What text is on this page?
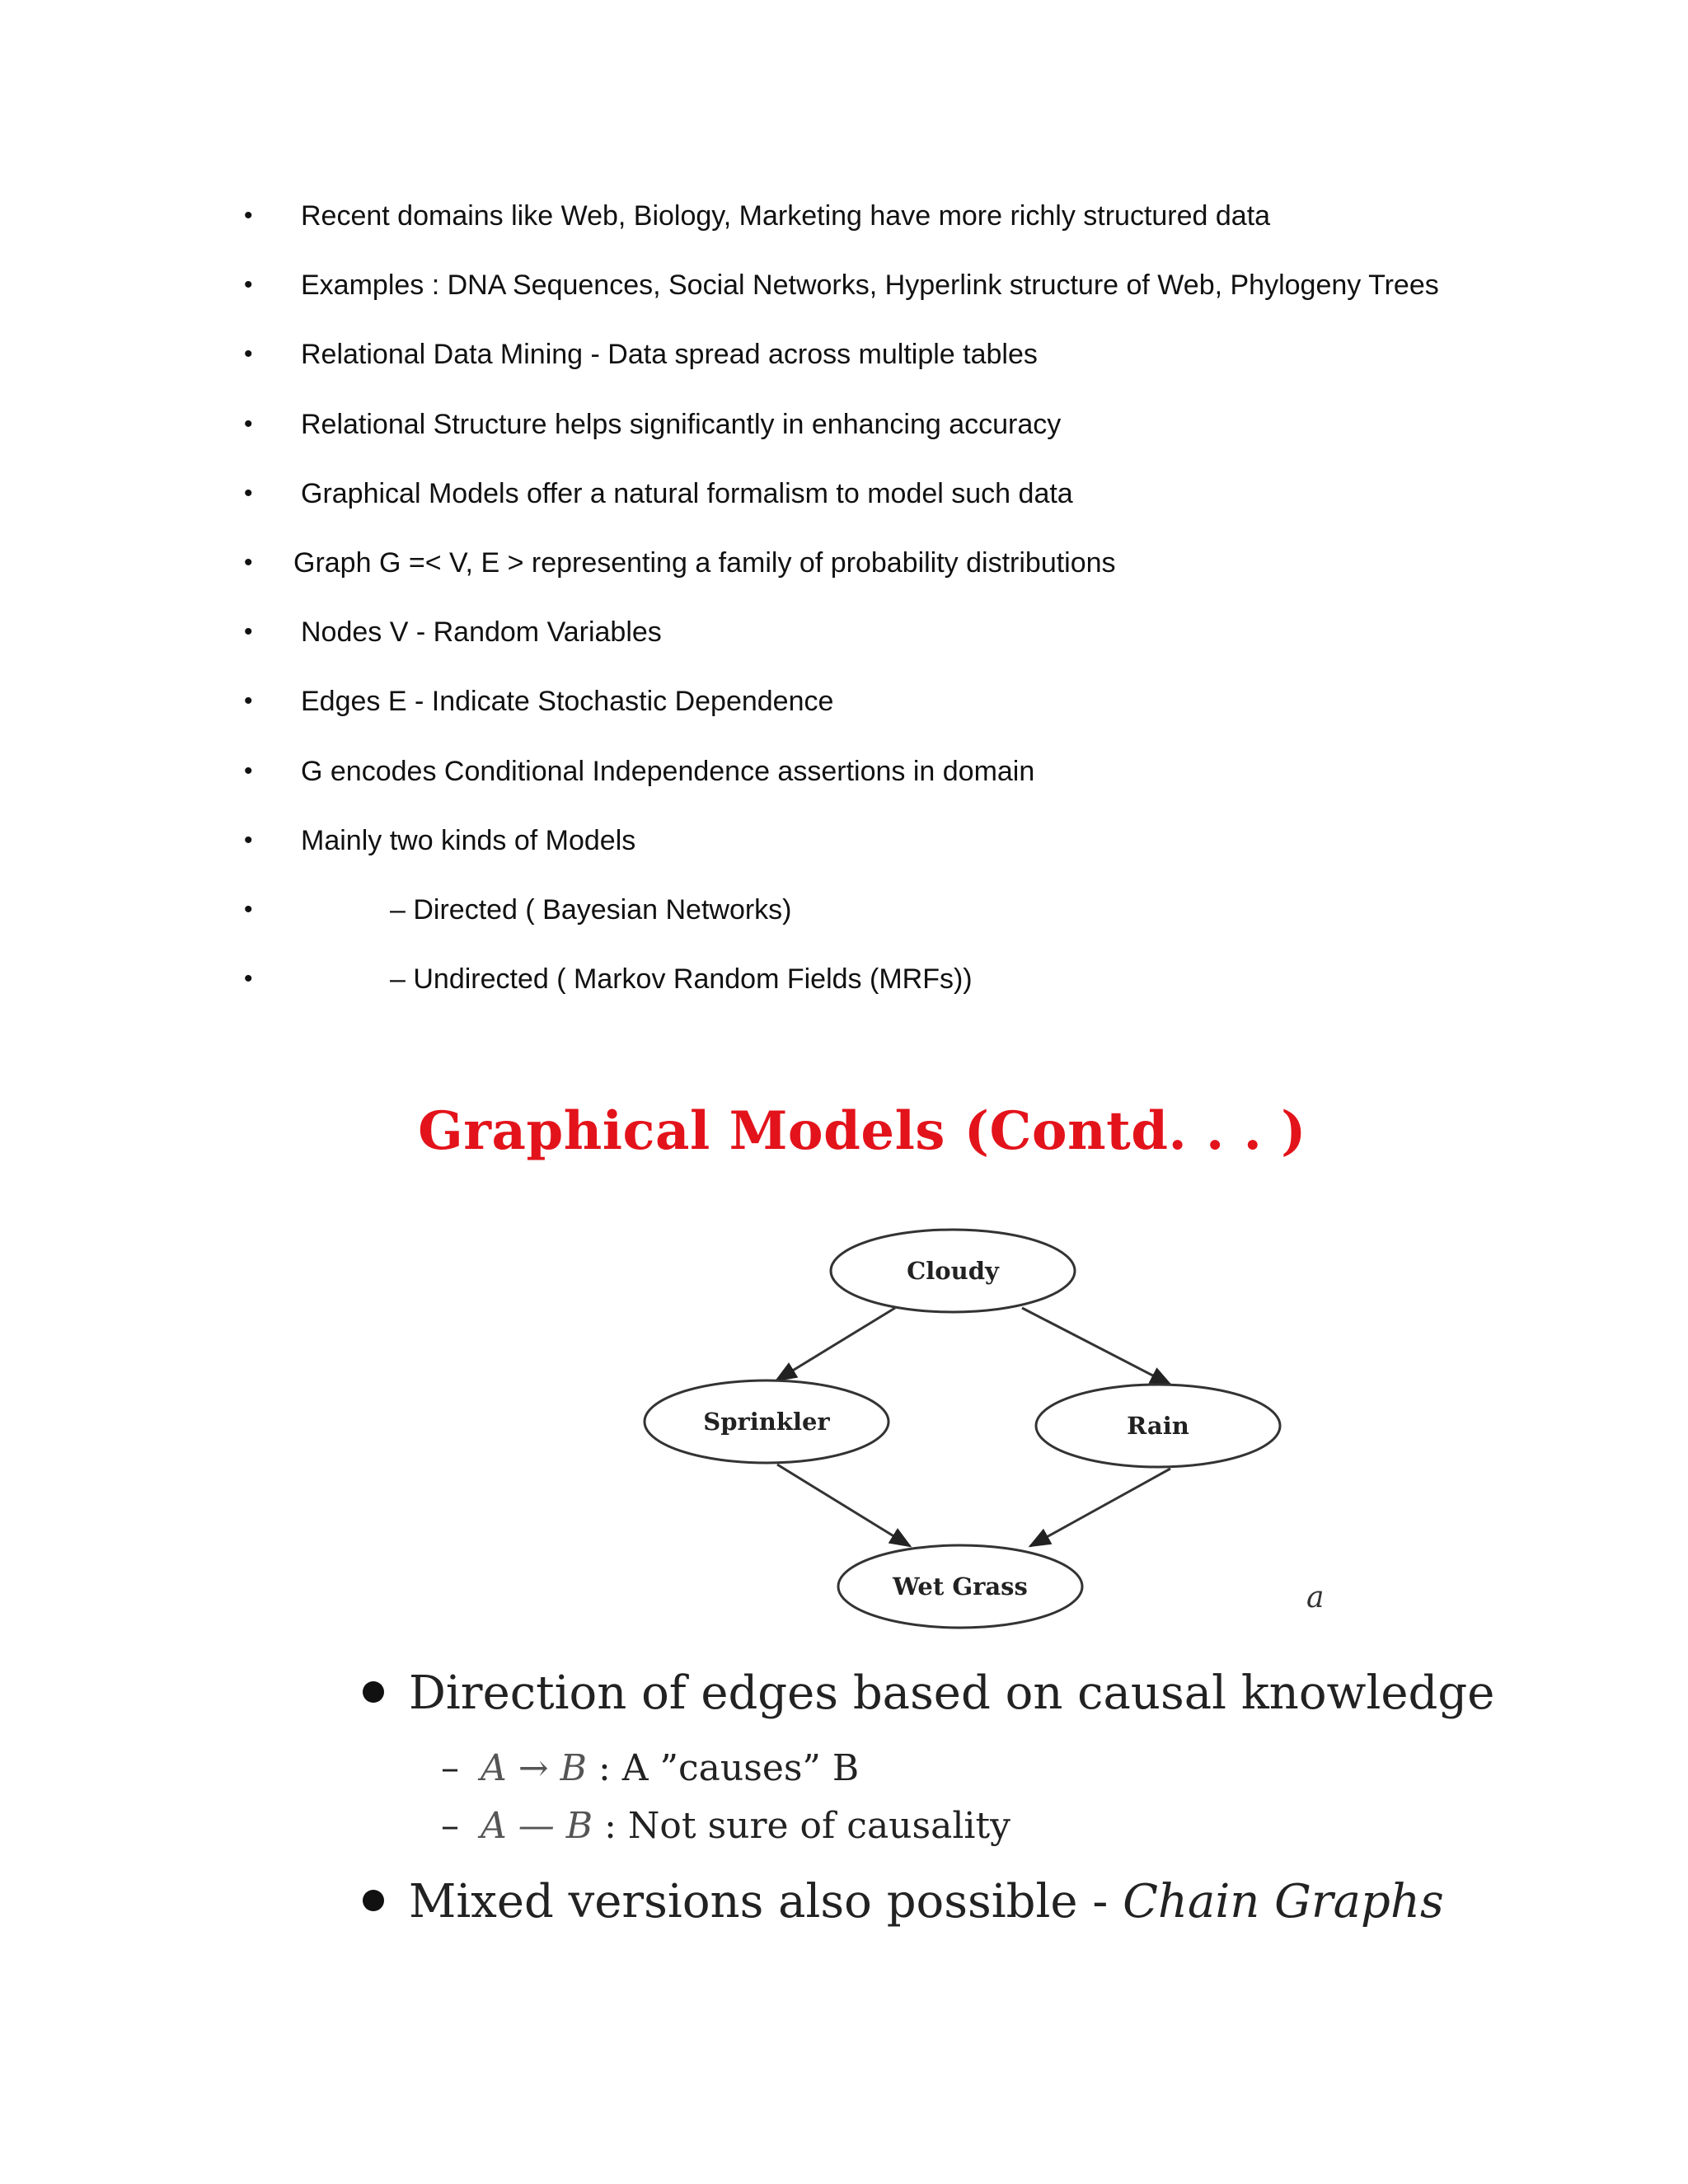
• Recent domains like Web, Biology, Marketing have more richly structured data
• Examples : DNA Sequences, Social Networks, Hyperlink structure of Web, Phylogeny Trees
• Relational Data Mining - Data spread across multiple tables
• Relational Structure helps significantly in enhancing accuracy
• Graphical Models offer a natural formalism to model such data
• Graph G =< V, E > representing a family of probability distributions
• Nodes V - Random Variables
• Edges E - Indicate Stochastic Dependence
• G encodes Conditional Independence assertions in domain
• Mainly two kinds of Models
•	– Directed ( Bayesian Networks)
•	– Undirected ( Markov Random Fields (MRFs))
Graphical Models (Contd. . . )
Cloudy
Sprinkler	Rain
Wet Grass	a
Direction of edges based on causal knowledge
– A → B : A ”causes” B
– A — B : Not sure of causality
Mixed versions also possible - Chain Graphs
